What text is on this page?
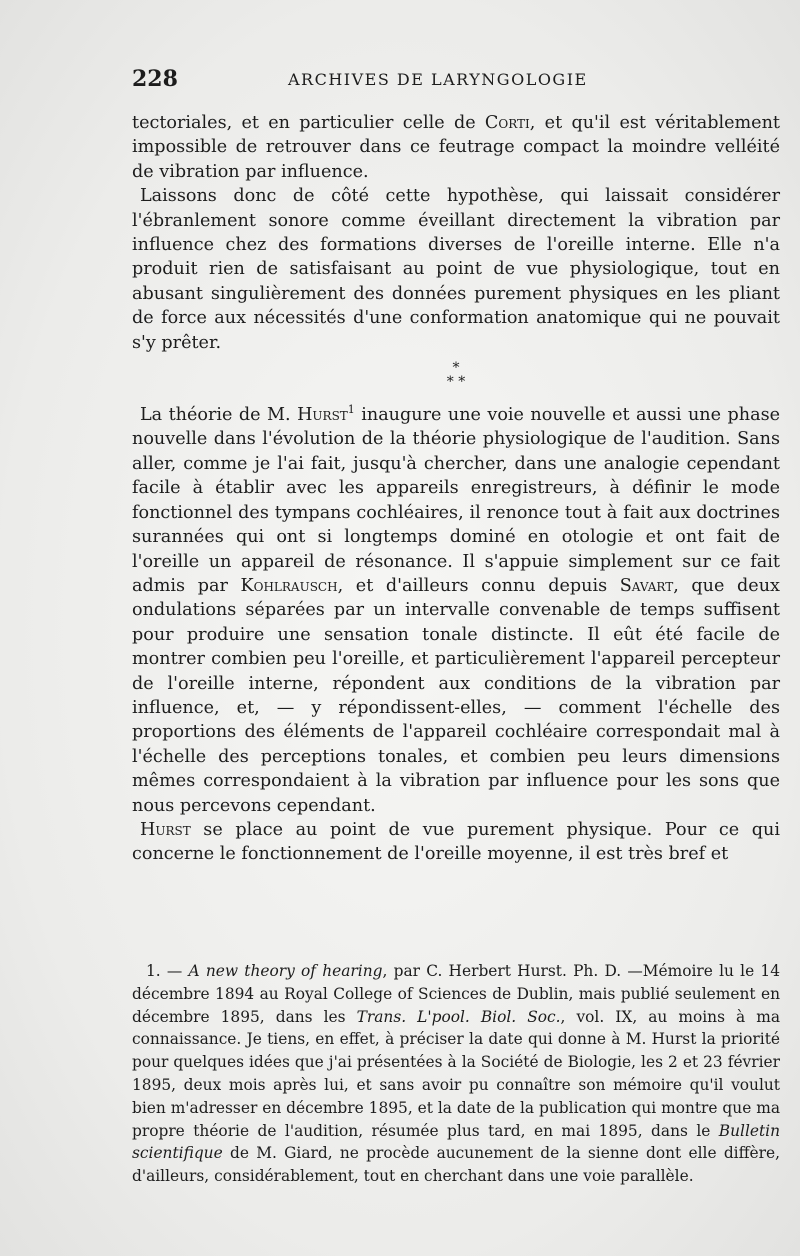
228	ARCHIVES DE LARYNGOLOGIE

tectoriales, et en particulier celle de Corti, et qu'il est véritablement impossible de retrouver dans ce feutrage compact la moindre velléité de vibration par influence.

Laissons donc de côté cette hypothèse, qui laissait considérer l'ébranlement sonore comme éveillant directement la vibration par influence chez des formations diverses de l'oreille interne. Elle n'a produit rien de satisfaisant au point de vue physiologique, tout en abusant singulièrement des données purement physiques en les pliant de force aux nécessités d'une conformation anatomique qui ne pouvait s'y prêter.

*
* *

La théorie de M. Hurst$^1$ inaugure une voie nouvelle et aussi une phase nouvelle dans l'évolution de la théorie physiologique de l'audition. Sans aller, comme je l'ai fait, jusqu'à chercher, dans une analogie cependant facile à établir avec les appareils enregistreurs, à définir le mode fonctionnel des tympans cochléaires, il renonce tout à fait aux doctrines surannées qui ont si longtemps dominé en otologie et ont fait de l'oreille un appareil de résonance. Il s'appuie simplement sur ce fait admis par Kohlrausch, et d'ailleurs connu depuis Savart, que deux ondulations séparées par un intervalle convenable de temps suffisent pour produire une sensation tonale distincte. Il eût été facile de montrer combien peu l'oreille, et particulièrement l'appareil percepteur de l'oreille interne, répondent aux conditions de la vibration par influence, et, — y répondissent-elles, — comment l'échelle des proportions des éléments de l'appareil cochléaire correspondait mal à l'échelle des perceptions tonales, et combien peu leurs dimensions mêmes correspondaient à la vibration par influence pour les sons que nous percevons cependant.

Hurst se place au point de vue purement physique. Pour ce qui concerne le fonctionnement de l'oreille moyenne, il est très bref et

1. — A new theory of hearing, par C. Herbert Hurst. Ph. D. —Mémoire lu le 14 décembre 1894 au Royal College of Sciences de Dublin, mais publié seulement en décembre 1895, dans les Trans. L'pool. Biol. Soc., vol. IX, au moins à ma connaissance. Je tiens, en effet, à préciser la date qui donne à M. Hurst la priorité pour quelques idées que j'ai présentées à la Société de Biologie, les 2 et 23 février 1895, deux mois après lui, et sans avoir pu connaître son mémoire qu'il voulut bien m'adresser en décembre 1895, et la date de la publication qui montre que ma propre théorie de l'audition, résumée plus tard, en mai 1895, dans le Bulletin scientifique de M. Giard, ne procède aucunement de la sienne dont elle diffère, d'ailleurs, considérablement, tout en cherchant dans une voie parallèle.
